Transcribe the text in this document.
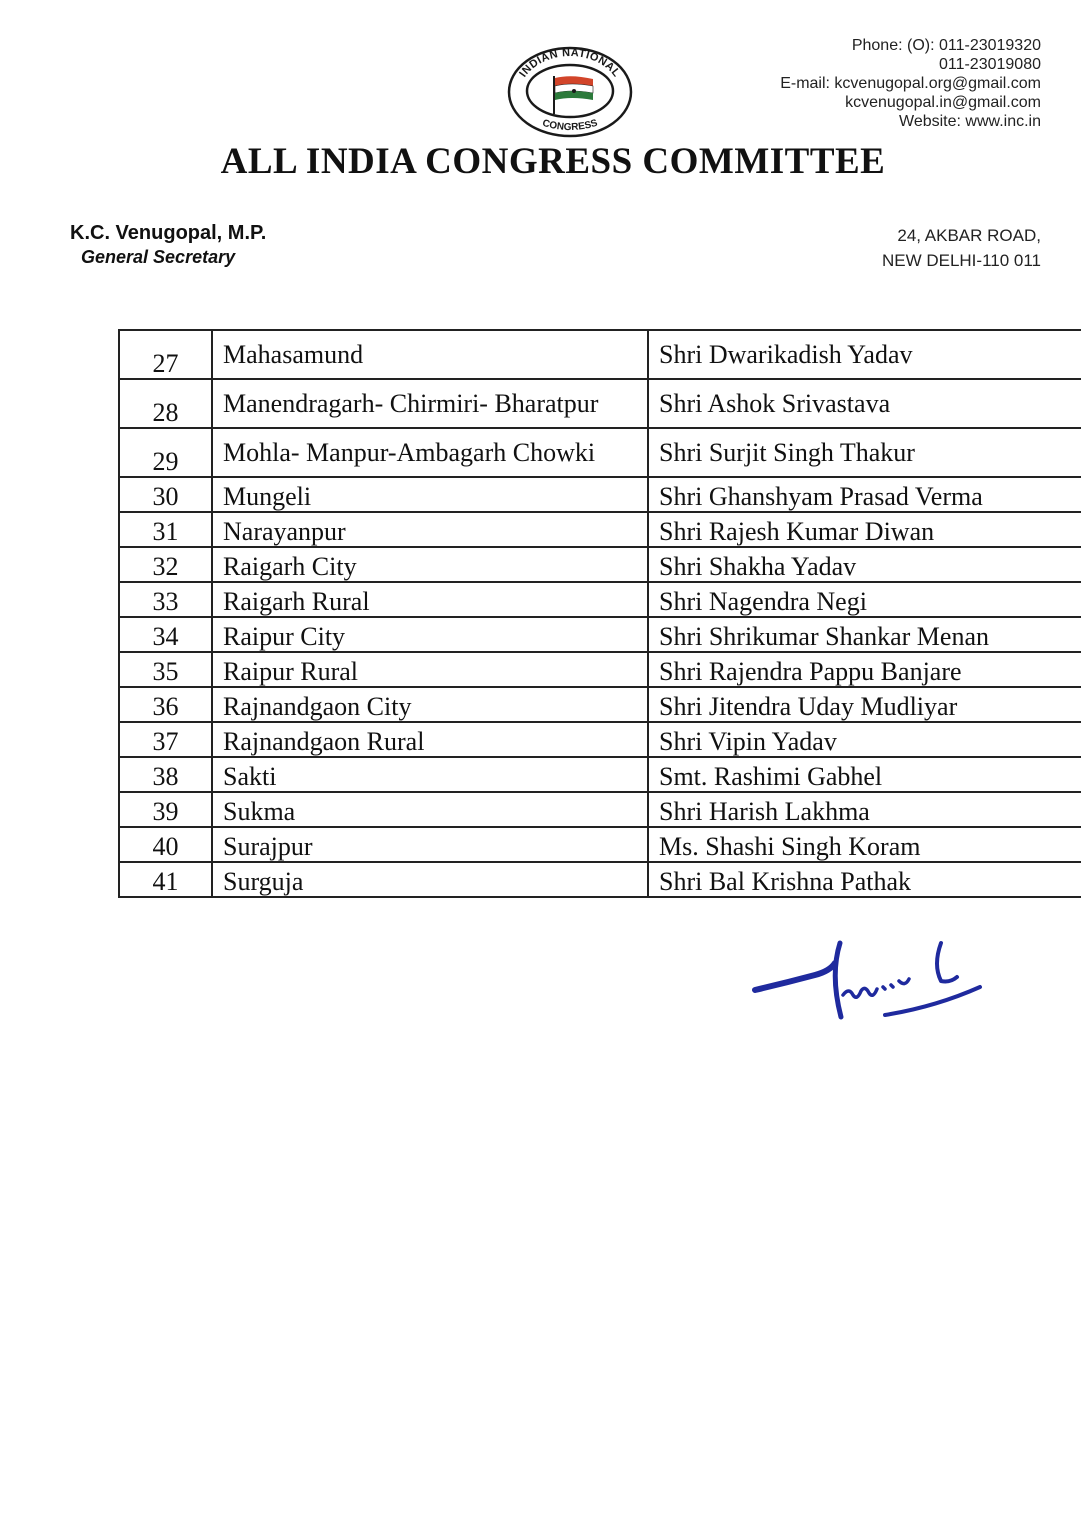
Phone: (O): 011-23019320
011-23019080
E-mail: kcvenugopal.org@gmail.com
kcvenugopal.in@gmail.com
Website: www.inc.in
INDIAN NATIONAL
CONGRESS
ALL INDIA CONGRESS COMMITTEE
K.C. Venugopal, M.P.
General Secretary
24, AKBAR ROAD,
NEW DELHI-110 011
27	Mahasamund	Shri Dwarikadish Yadav
28	Manendragarh- Chirmiri- Bharatpur	Shri Ashok Srivastava
29	Mohla- Manpur-Ambagarh Chowki	Shri Surjit Singh Thakur
30	Mungeli	Shri Ghanshyam Prasad Verma
31	Narayanpur	Shri Rajesh Kumar Diwan
32	Raigarh City	Shri Shakha Yadav
33	Raigarh Rural	Shri Nagendra Negi
34	Raipur City	Shri Shrikumar Shankar Menan
35	Raipur Rural	Shri Rajendra Pappu Banjare
36	Rajnandgaon City	Shri Jitendra Uday Mudliyar
37	Rajnandgaon Rural	Shri Vipin Yadav
38	Sakti	Smt. Rashimi Gabhel
39	Sukma	Shri Harish Lakhma
40	Surajpur	Ms. Shashi Singh Koram
41	Surguja	Shri Bal Krishna Pathak
